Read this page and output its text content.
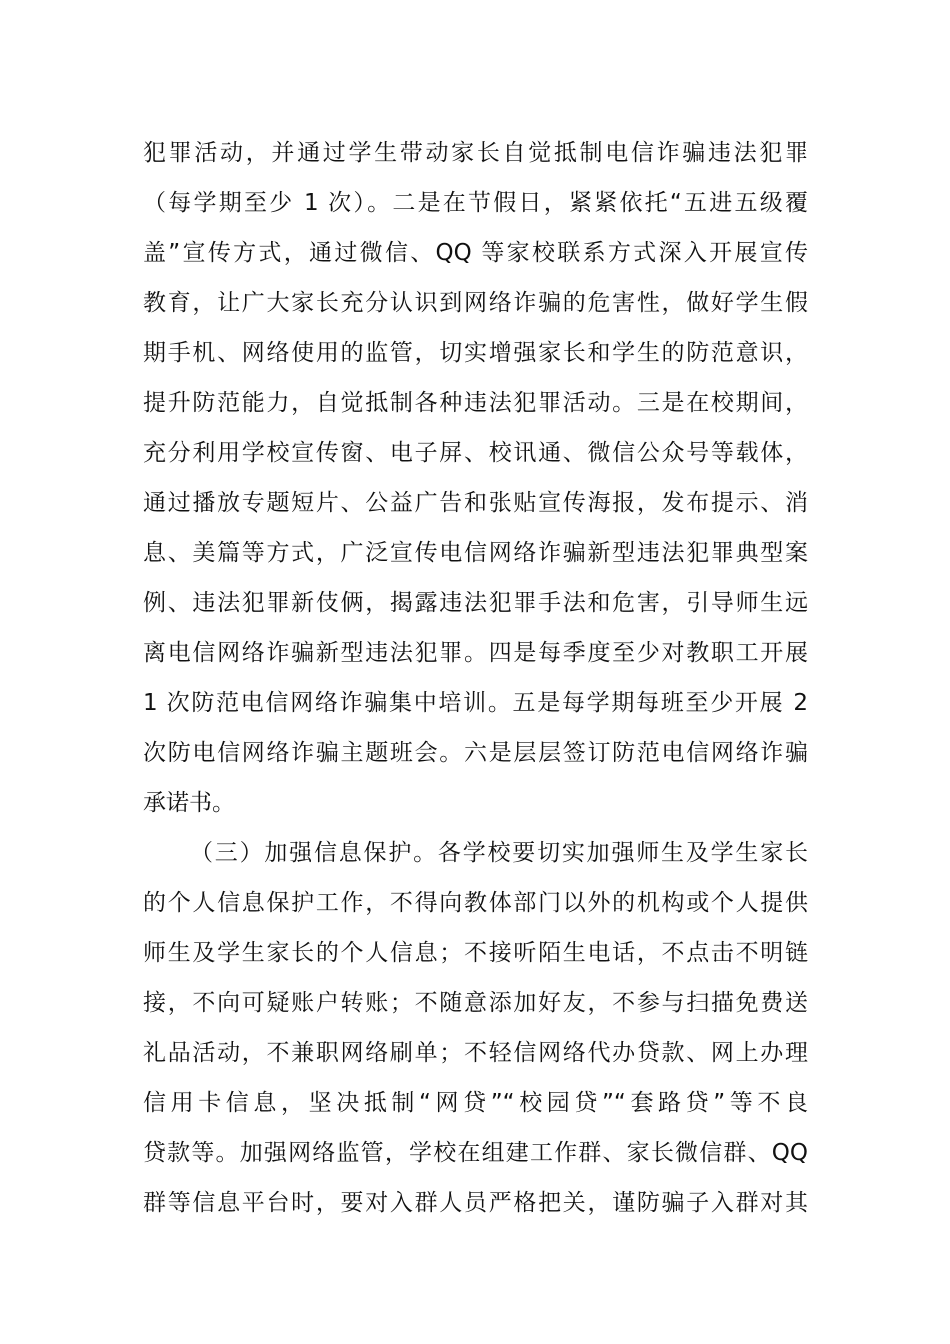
犯罪活动，并通过学生带动家长自觉抵制电信诈骗违法犯罪
（每学期至少 1 次）。二是在节假日，紧紧依托“五进五级覆
盖”宣传方式，通过微信、QQ 等家校联系方式深入开展宣传
教育，让广大家长充分认识到网络诈骗的危害性，做好学生假
期手机、网络使用的监管，切实增强家长和学生的防范意识，
提升防范能力，自觉抵制各种违法犯罪活动。三是在校期间，
充分利用学校宣传窗、电子屏、校讯通、微信公众号等载体，
通过播放专题短片、公益广告和张贴宣传海报，发布提示、消
息、美篇等方式，广泛宣传电信网络诈骗新型违法犯罪典型案
例、违法犯罪新伎俩，揭露违法犯罪手法和危害，引导师生远
离电信网络诈骗新型违法犯罪。四是每季度至少对教职工开展
1 次防范电信网络诈骗集中培训。五是每学期每班至少开展 2
次防电信网络诈骗主题班会。六是层层签订防范电信网络诈骗
承诺书。
（三）加强信息保护。各学校要切实加强师生及学生家长
的个人信息保护工作，不得向教体部门以外的机构或个人提供
师生及学生家长的个人信息；不接听陌生电话，不点击不明链
接，不向可疑账户转账；不随意添加好友，不参与扫描免费送
礼品活动，不兼职网络刷单；不轻信网络代办贷款、网上办理
信用卡信息，坚决抵制“网贷”“校园贷”“套路贷”等不良
贷款等。加强网络监管，学校在组建工作群、家长微信群、QQ
群等信息平台时，要对入群人员严格把关，谨防骗子入群对其
